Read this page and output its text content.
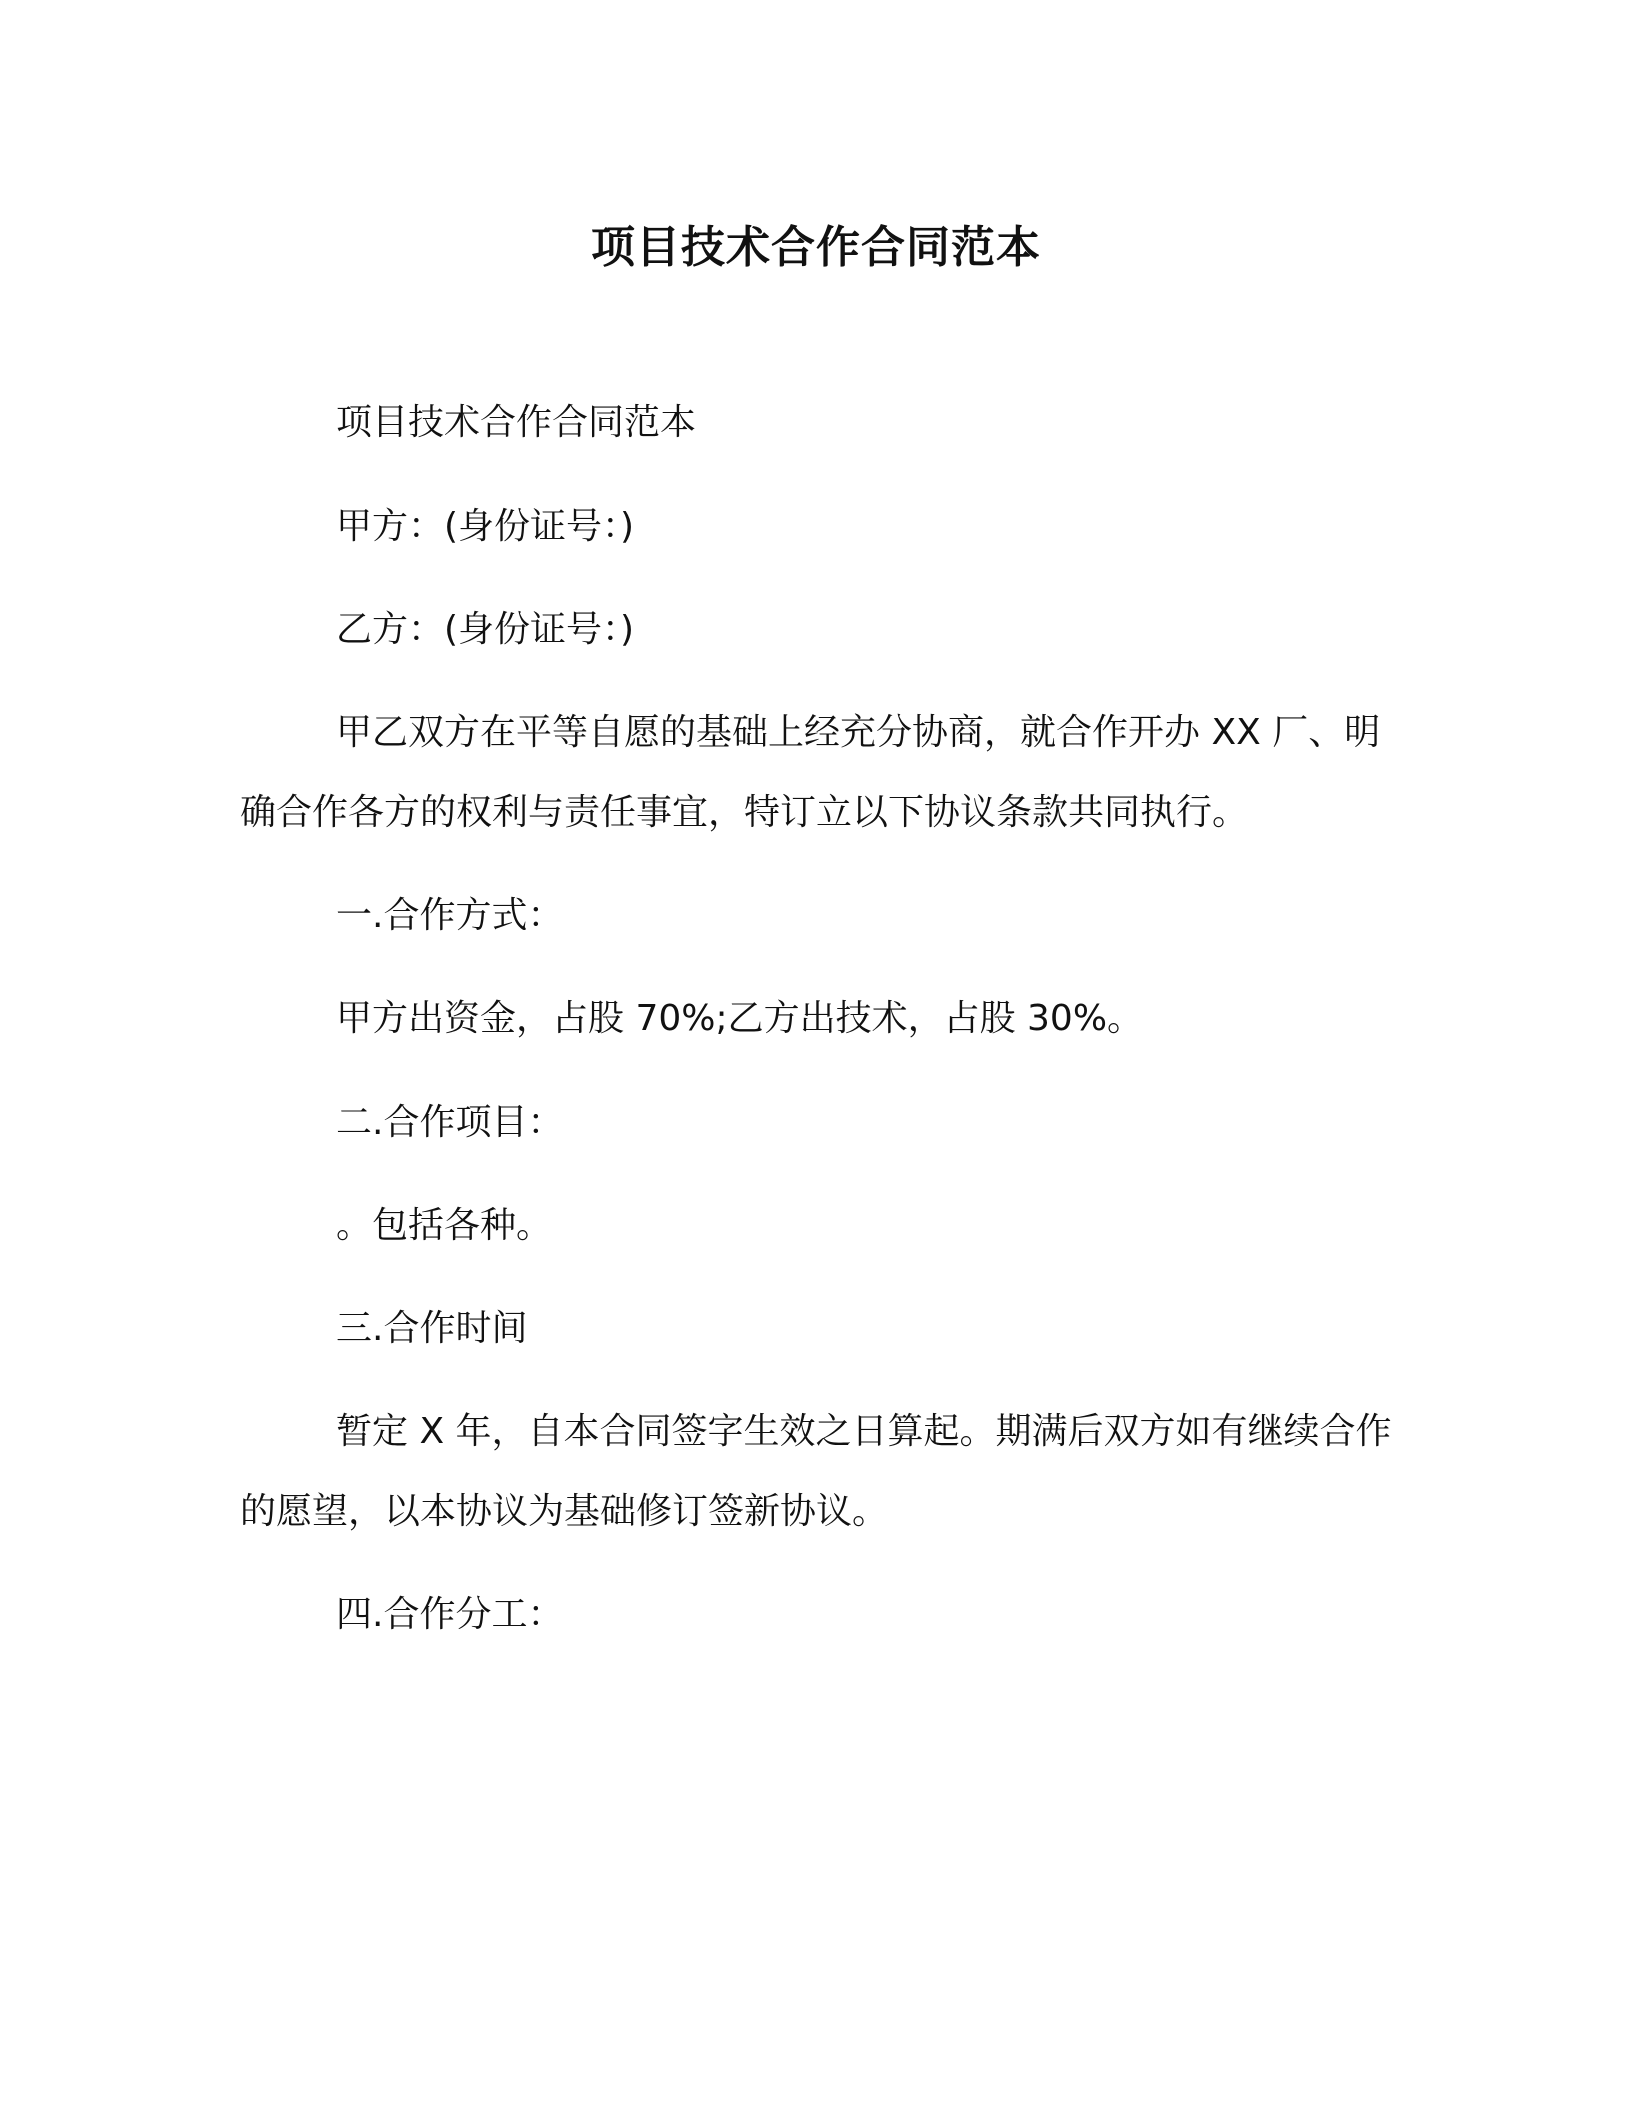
项目技术合作合同范本

项目技术合作合同范本

甲方：(身份证号：)

乙方：(身份证号：)

甲乙双方在平等自愿的基础上经充分协商，就合作开办 XX 厂、明确合作各方的权利与责任事宜，特订立以下协议条款共同执行。

一.合作方式：

甲方出资金，占股 70%;乙方出技术，占股 30%。

二.合作项目：

。包括各种。

三.合作时间

暂定 X 年，自本合同签字生效之日算起。期满后双方如有继续合作的愿望，以本协议为基础修订签新协议。

四.合作分工：
